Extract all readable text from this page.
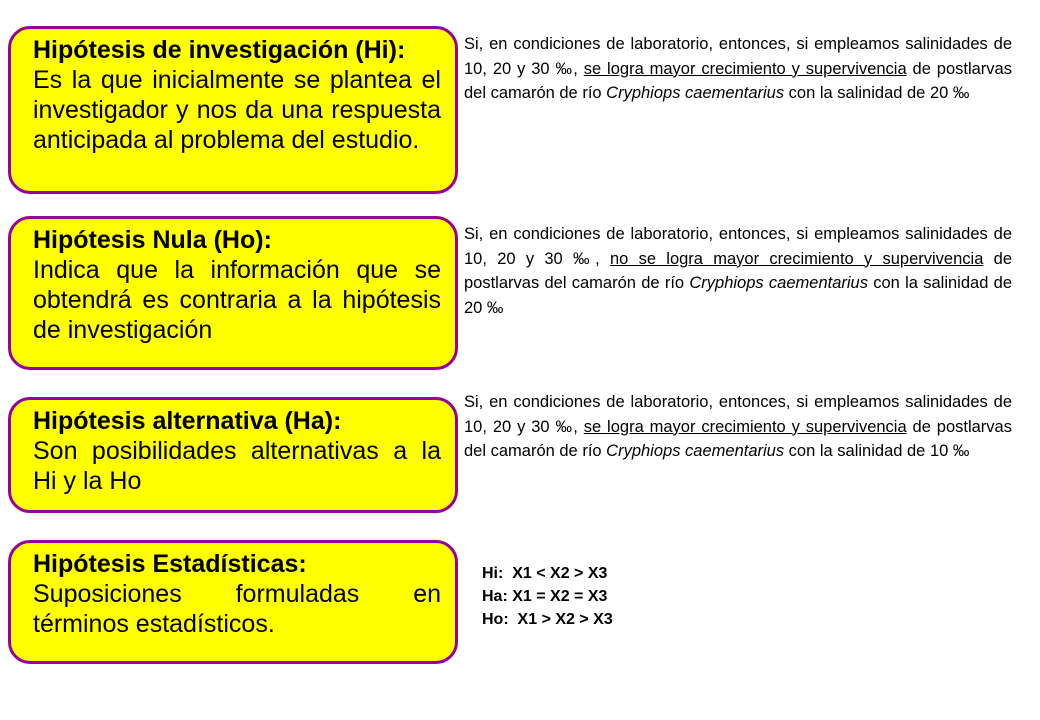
Hipótesis de investigación (Hi):
Es la que inicialmente se plantea el investigador y nos da una respuesta anticipada al problema del estudio.
Si, en condiciones de laboratorio, entonces, si empleamos salinidades de 10, 20 y 30 ‰, se logra mayor crecimiento y supervivencia de postlarvas del camarón de río Cryphiops caementarius con la salinidad de 20 ‰
Hipótesis Nula (Ho):
Indica que la información que se obtendrá es contraria a la hipótesis de investigación
Si, en condiciones de laboratorio, entonces, si empleamos salinidades de 10, 20 y 30 ‰, no se logra mayor crecimiento y supervivencia de postlarvas del camarón de río Cryphiops caementarius con la salinidad de 20 ‰
Hipótesis alternativa (Ha):
Son posibilidades alternativas a la Hi y la Ho
Si, en condiciones de laboratorio, entonces, si empleamos salinidades de 10, 20 y 30 ‰, se logra mayor crecimiento y supervivencia de postlarvas del camarón de río Cryphiops caementarius con la salinidad de 10 ‰
Hipótesis Estadísticas:
Suposiciones formuladas en términos estadísticos.
Hi:  X1 < X2 > X3
Ha: X1 = X2 = X3
Ho:  X1 > X2 > X3
